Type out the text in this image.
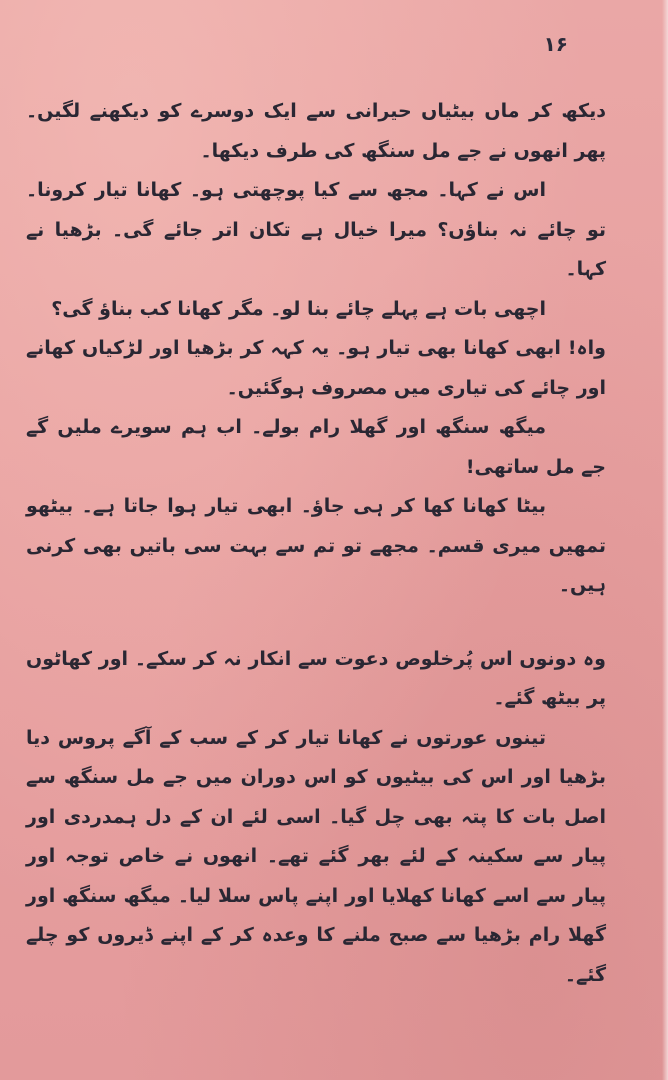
۱۶

دیکھ کر ماں بیٹیاں حیرانی سے ایک دوسرے کو دیکھنے لگیں۔ پھر انھوں نے جے مل سنگھ کی طرف دیکھا۔

اس نے کہا۔ مجھ سے کیا پوچھتی ہو۔ کھانا تیار کرونا۔ تو چائے نہ بناؤں؟ میرا خیال ہے تکان اتر جائے گی۔ بڑھیا نے کہا۔

اچھی بات ہے پہلے چائے بنا لو۔ مگر کھانا کب بناؤ گی؟

واہ! ابھی کھانا بھی تیار ہو۔ یہ کہہ کر بڑھیا اور لڑکیاں کھانے اور چائے کی تیاری میں مصروف ہوگئیں۔

میگھ سنگھ اور گھلا رام بولے۔ اب ہم سویرے ملیں گے جے مل ساتھی!

بیٹا کھانا کھا کر ہی جاؤ۔ ابھی تیار ہوا جاتا ہے۔ بیٹھو تمھیں میری قسم۔ مجھے تو تم سے بہت سی باتیں بھی کرنی ہیں۔

وہ دونوں اس پُرخلوص دعوت سے انکار نہ کر سکے۔ اور کھاٹوں پر بیٹھ گئے۔

تینوں عورتوں نے کھانا تیار کر کے سب کے آگے پروس دیا بڑھیا اور اس کی بیٹیوں کو اس دوران میں جے مل سنگھ سے اصل بات کا پتہ بھی چل گیا۔ اسی لئے ان کے دل ہمدردی اور پیار سے سکینہ کے لئے بھر گئے تھے۔ انھوں نے خاص توجہ اور پیار سے اسے کھانا کھلایا اور اپنے پاس سلا لیا۔ میگھ سنگھ اور گھلا رام بڑھیا سے صبح ملنے کا وعدہ کر کے اپنے ڈیروں کو چلے گئے۔
